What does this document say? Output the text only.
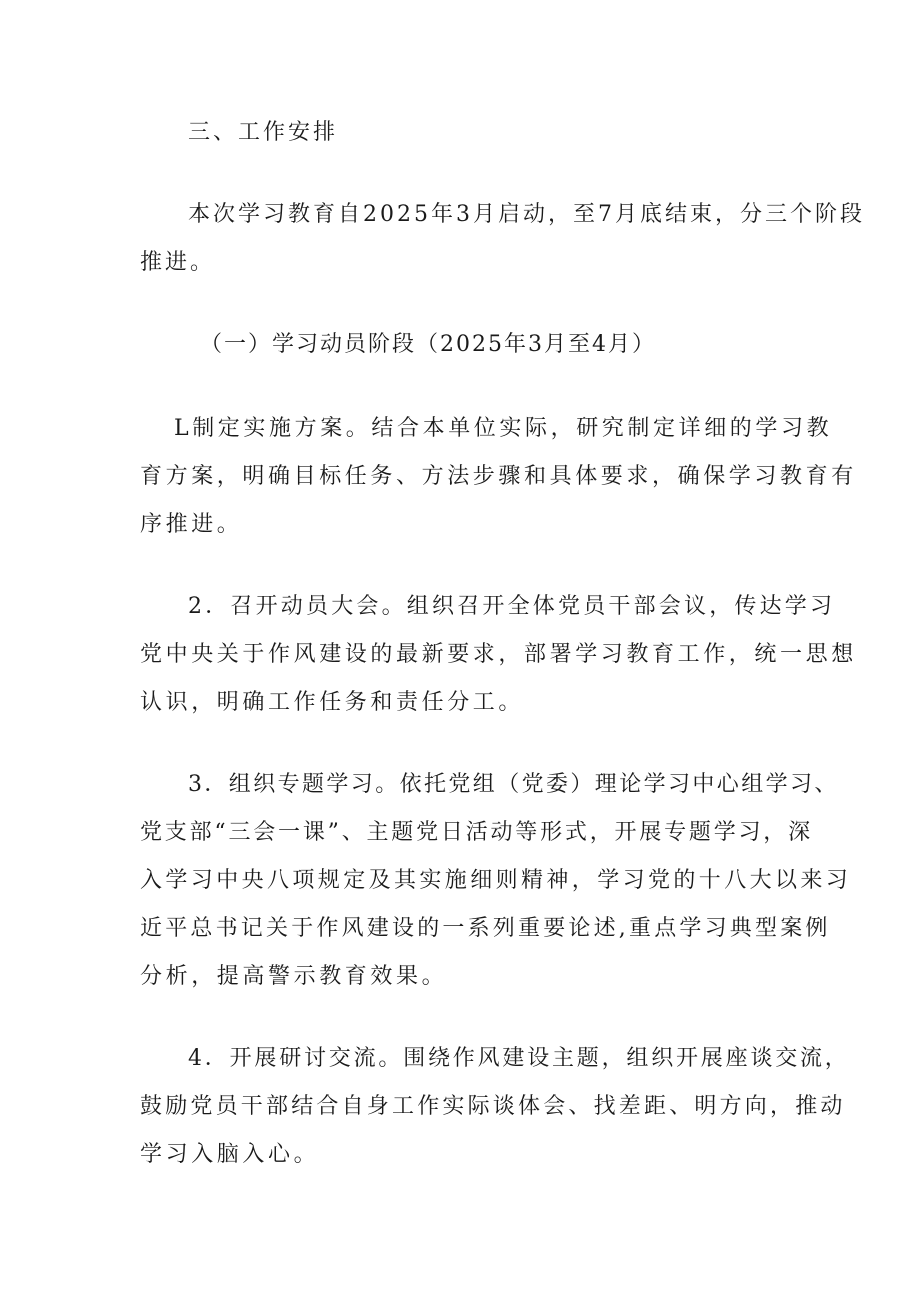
三、工作安排
本次学习教育自2025年3月启动，至7月底结束，分三个阶段
推进。
（一）学习动员阶段（2025年3月至4月）
L制定实施方案。结合本单位实际，研究制定详细的学习教
育方案，明确目标任务、方法步骤和具体要求，确保学习教育有
序推进。
2．召开动员大会。组织召开全体党员干部会议，传达学习
党中央关于作风建设的最新要求，部署学习教育工作，统一思想
认识，明确工作任务和责任分工。
3．组织专题学习。依托党组（党委）理论学习中心组学习、
党支部“三会一课”、主题党日活动等形式，开展专题学习，深
入学习中央八项规定及其实施细则精神，学习党的十八大以来习
近平总书记关于作风建设的一系列重要论述,重点学习典型案例
分析，提高警示教育效果。
4．开展研讨交流。围绕作风建设主题，组织开展座谈交流，
鼓励党员干部结合自身工作实际谈体会、找差距、明方向，推动
学习入脑入心。
